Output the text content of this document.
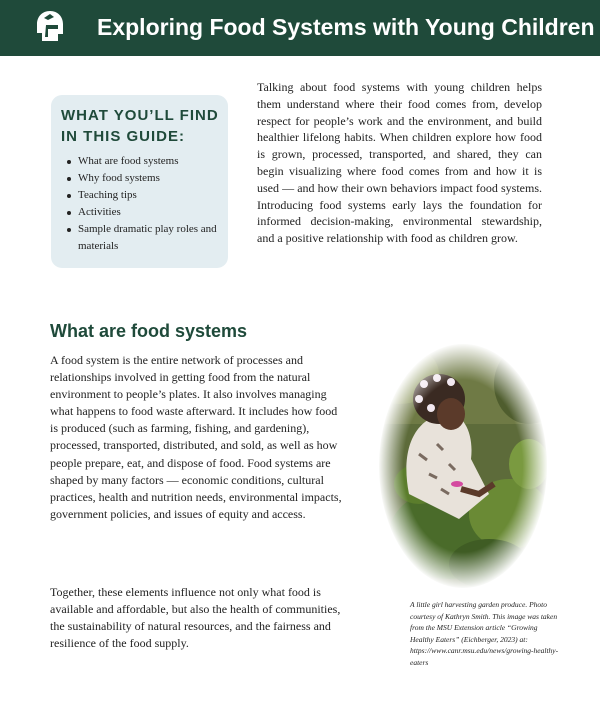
Exploring Food Systems with Young Children
WHAT YOU’LL FIND
IN THIS GUIDE:
What are food systems
Why food systems
Teaching tips
Activities
Sample dramatic play roles and materials

Talking about food systems with young children helps them understand where their food comes from, develop respect for people’s work and the environment, and build healthier lifelong habits. When children explore how food is grown, processed, transported, and shared, they can begin visualizing where food comes from and how it is used — and how their own behaviors impact food systems. Introducing food systems early lays the foundation for informed decision-making, environmental stewardship, and a positive relationship with food as children grow.

What are food systems

A food system is the entire network of processes and relationships involved in getting food from the natural environment to people’s plates. It also involves managing what happens to food waste afterward. It includes how food is produced (such as farming, fishing, and gardening), processed, transported, distributed, and sold, as well as how people prepare, eat, and dispose of food. Food systems are shaped by many factors — economic conditions, cultural practices, health and nutrition needs, environmental impacts, government policies, and issues of equity and access.

Together, these elements influence not only what food is available and affordable, but also the health of communities, the sustainability of natural resources, and the fairness and resilience of the food supply.

A little girl harvesting garden produce. Photo courtesy of Kathryn Smith. This image was taken from the MSU Extension article “Growing Healthy Eaters” (Eichberger, 2023) at: https://www.canr.msu.edu/news/growing-healthy-eaters
